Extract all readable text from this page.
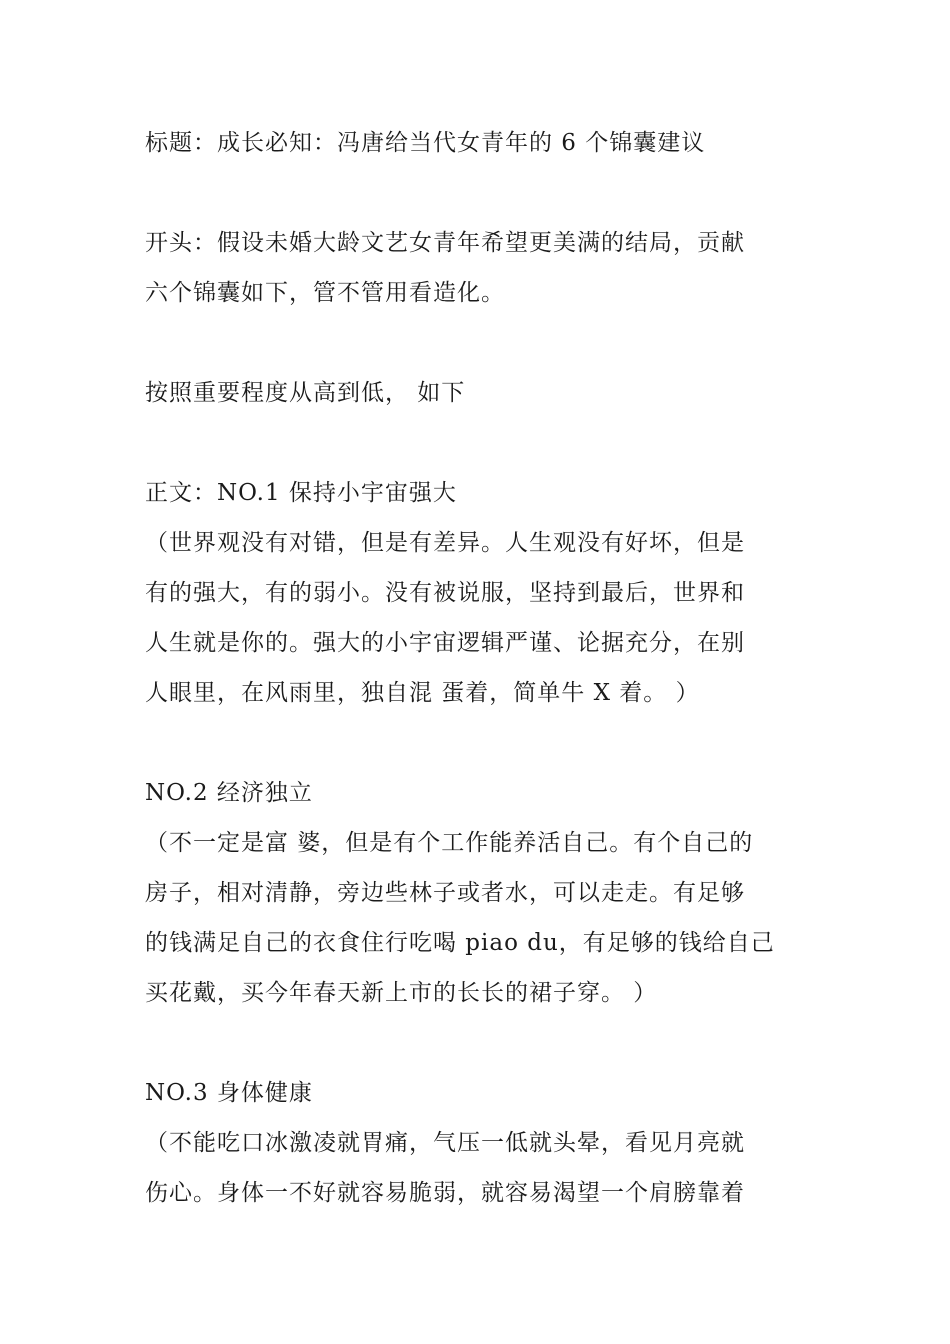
标题：成长必知：冯唐给当代女青年的 6 个锦囊建议
开头：假设未婚大龄文艺女青年希望更美满的结局，贡献
六个锦囊如下，管不管用看造化。
按照重要程度从高到低， 如下
正文：NO.1 保持小宇宙强大
（世界观没有对错，但是有差异。人生观没有好坏，但是
有的强大，有的弱小。没有被说服，坚持到最后，世界和
人生就是你的。强大的小宇宙逻辑严谨、论据充分，在别
人眼里，在风雨里，独自混 蛋着，简单牛 X 着。 ）
NO.2 经济独立
（不一定是富 婆，但是有个工作能养活自己。有个自己的
房子，相对清静，旁边些林子或者水，可以走走。有足够
的钱满足自己的衣食住行吃喝 piao du，有足够的钱给自己
买花戴，买今年春天新上市的长长的裙子穿。 ）
NO.3 身体健康
（不能吃口冰激凌就胃痛，气压一低就头晕，看见月亮就
伤心。身体一不好就容易脆弱，就容易渴望一个肩膀靠着
